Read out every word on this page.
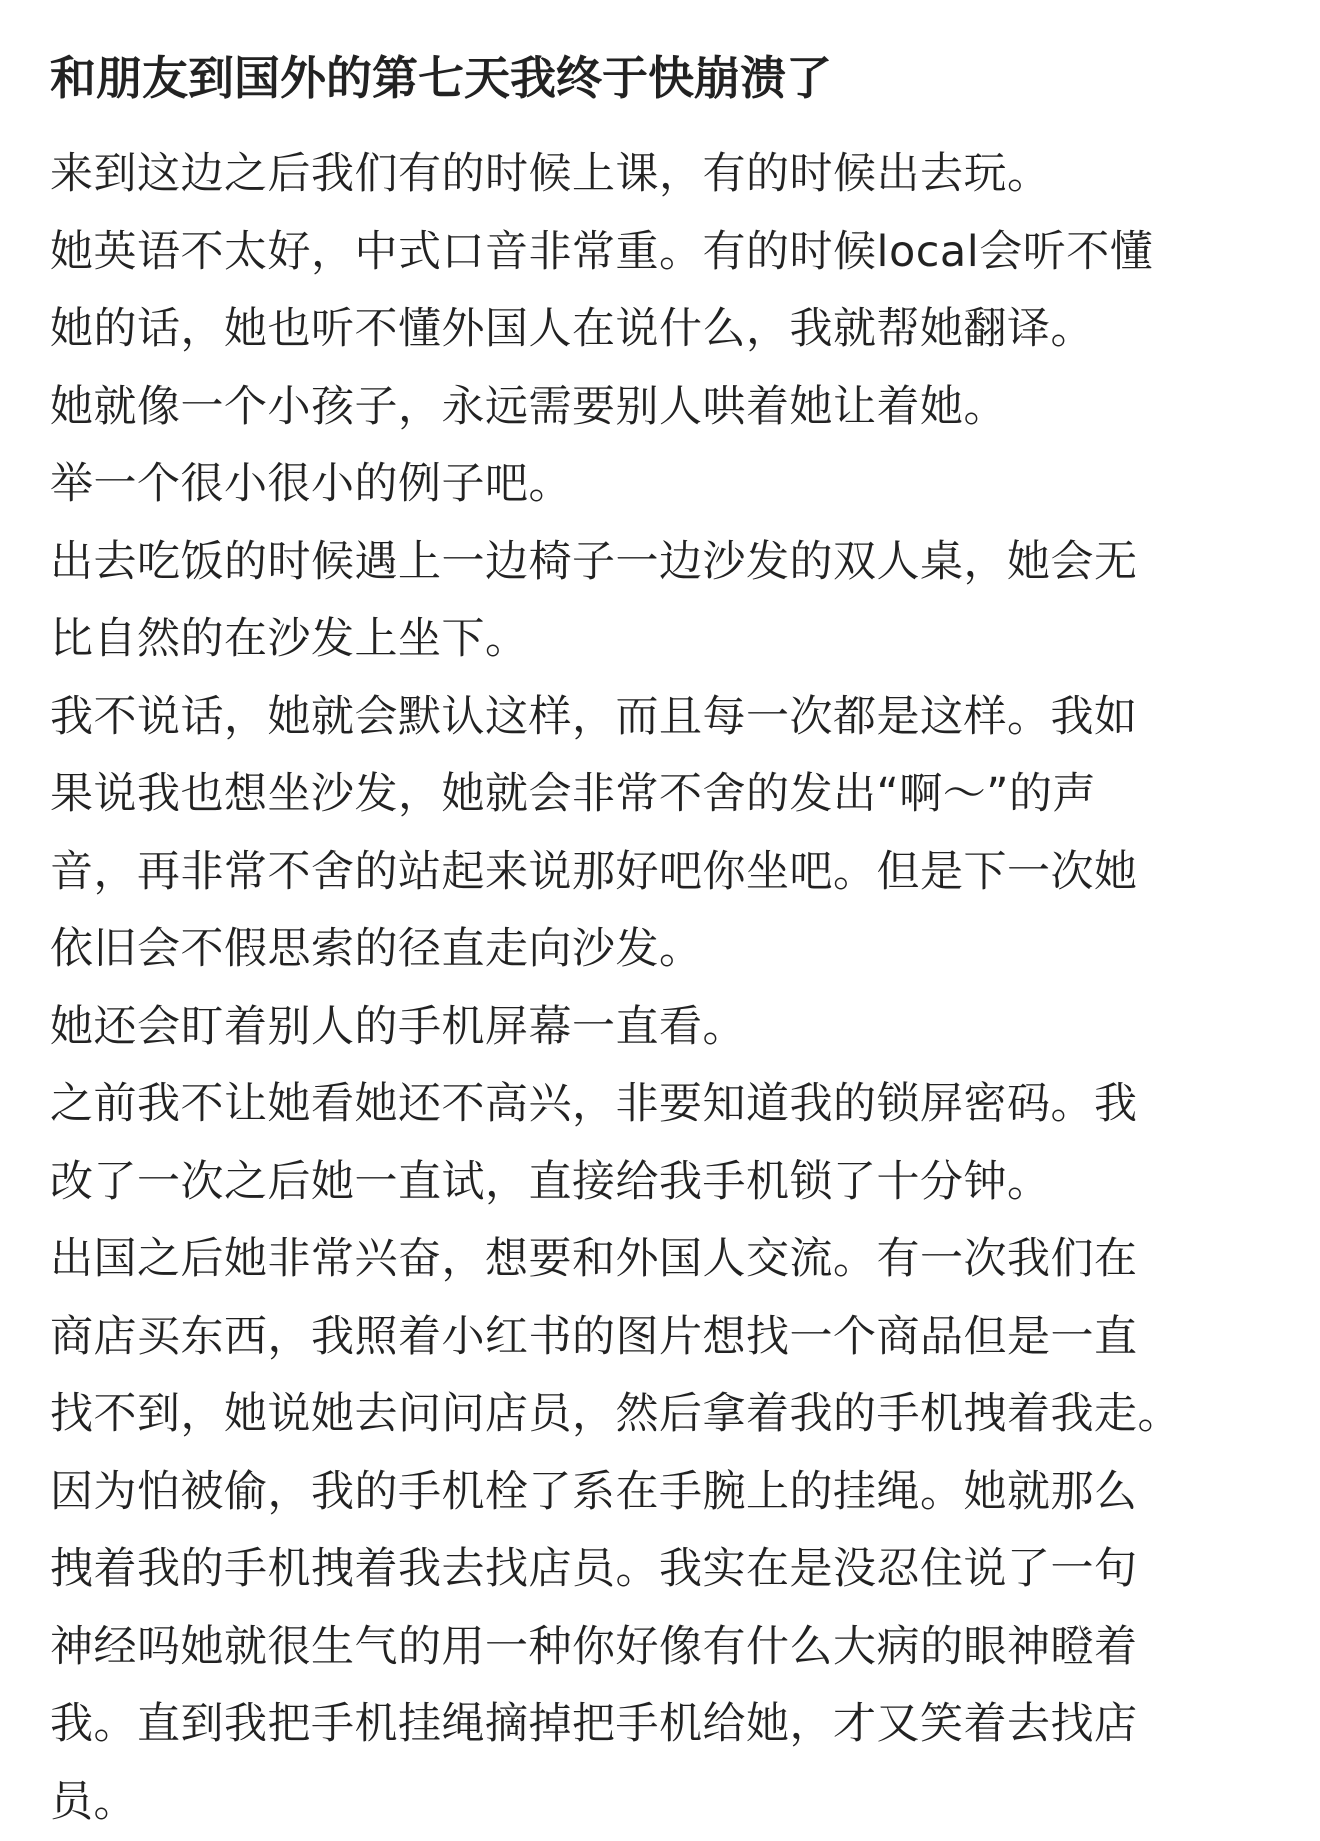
和朋友到国外的第七天我终于快崩溃了
来到这边之后我们有的时候上课，有的时候出去玩。
她英语不太好，中式口音非常重。有的时候local会听不懂
她的话，她也听不懂外国人在说什么，我就帮她翻译。
她就像一个小孩子，永远需要别人哄着她让着她。
举一个很小很小的例子吧。
出去吃饭的时候遇上一边椅子一边沙发的双人桌，她会无
比自然的在沙发上坐下。
我不说话，她就会默认这样，而且每一次都是这样。我如
果说我也想坐沙发，她就会非常不舍的发出“啊～”的声
音，再非常不舍的站起来说那好吧你坐吧。但是下一次她
依旧会不假思索的径直走向沙发。
她还会盯着别人的手机屏幕一直看。
之前我不让她看她还不高兴，非要知道我的锁屏密码。我
改了一次之后她一直试，直接给我手机锁了十分钟。
出国之后她非常兴奋，想要和外国人交流。有一次我们在
商店买东西，我照着小红书的图片想找一个商品但是一直
找不到，她说她去问问店员，然后拿着我的手机拽着我走。
因为怕被偷，我的手机栓了系在手腕上的挂绳。她就那么
拽着我的手机拽着我去找店员。我实在是没忍住说了一句
神经吗她就很生气的用一种你好像有什么大病的眼神瞪着
我。直到我把手机挂绳摘掉把手机给她，才又笑着去找店
员。
